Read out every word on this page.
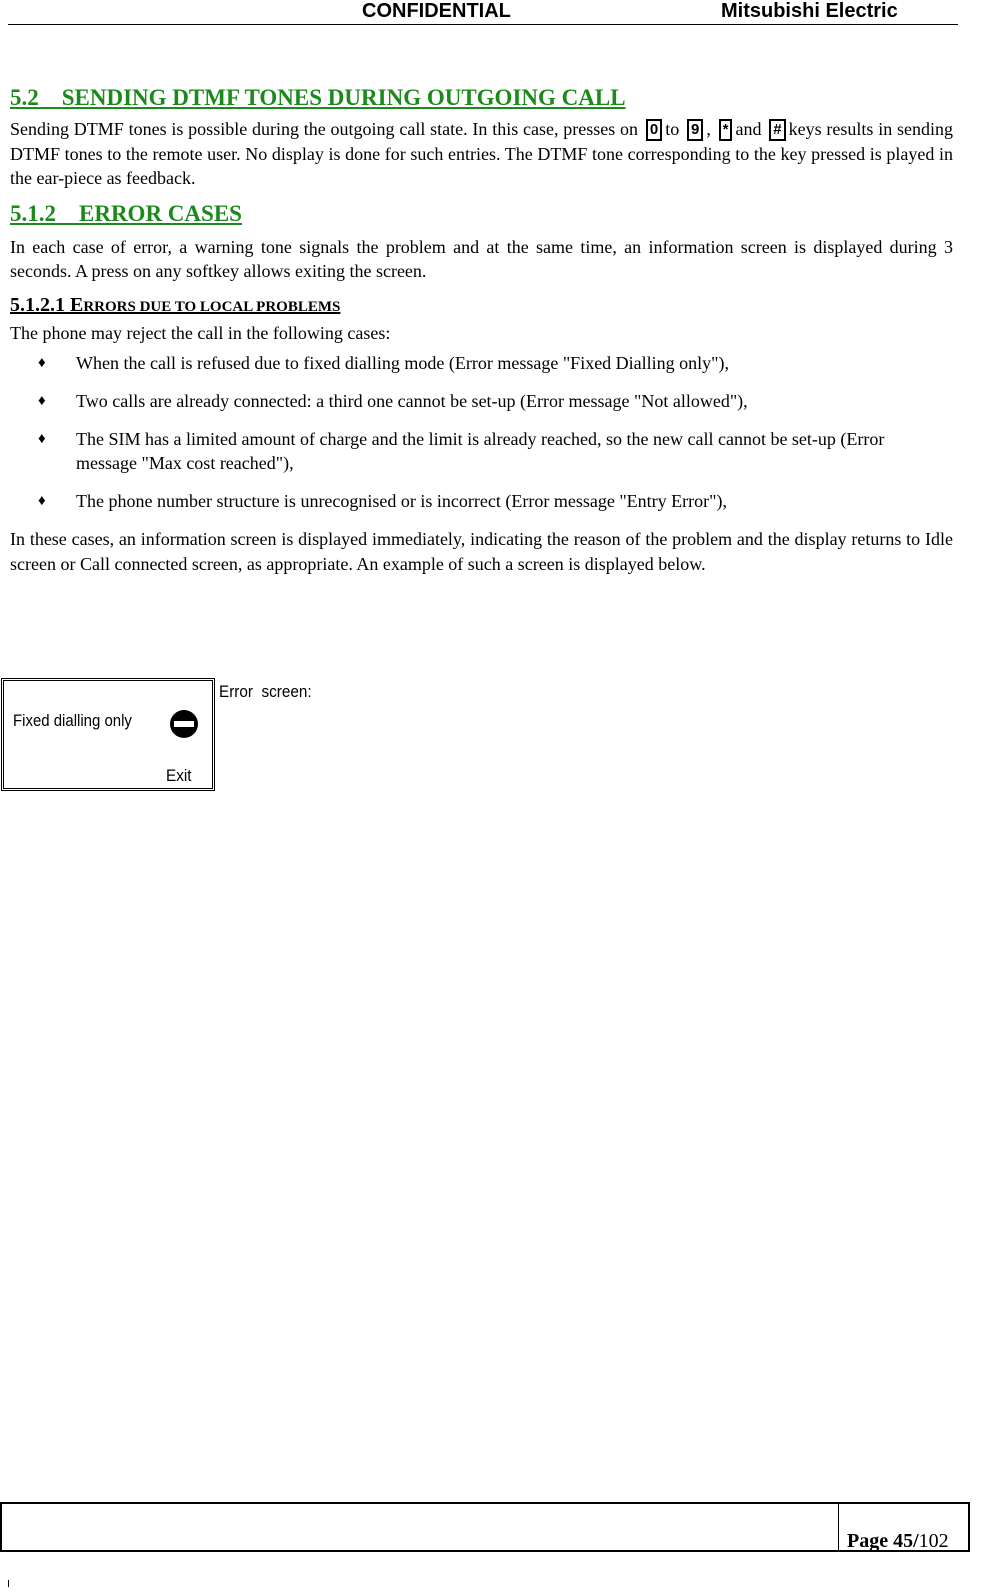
CONFIDENTIAL	Mitsubishi Electric
5.2 SENDING DTMF TONES DURING OUTGOING CALL

Sending DTMF tones is possible during the outgoing call state. In this case, presses on 0 to 9 , * and # keys results in sending DTMF tones to the remote user. No display is done for such entries. The DTMF tone corresponding to the key pressed is played in the ear-piece as feedback.

5.1.2 ERROR CASES

In each case of error, a warning tone signals the problem and at the same time, an information screen is displayed during 3 seconds. A press on any softkey allows exiting the screen.

5.1.2.1 ERRORS DUE TO LOCAL PROBLEMS

The phone may reject the call in the following cases:

♦ When the call is refused due to fixed dialling mode (Error message "Fixed Dialling only"),
♦ Two calls are already connected: a third one cannot be set-up (Error message "Not allowed"),
♦ The SIM has a limited amount of charge and the limit is already reached, so the new call cannot be set-up (Error message "Max cost reached"),
♦ The phone number structure is unrecognised or is incorrect (Error message "Entry Error"),

In these cases, an information screen is displayed immediately, indicating the reason of the problem and the display returns to Idle screen or Call connected screen, as appropriate. An example of such a screen is displayed below.

Fixed dialling only
Exit
Error  screen:
Page 45/102
